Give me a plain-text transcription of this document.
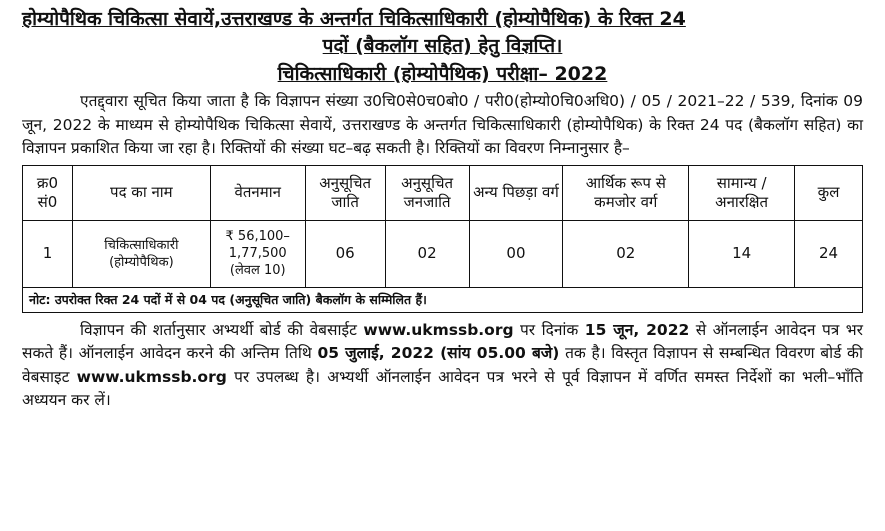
होम्योपैथिक चिकित्सा सेवायें,उत्तराखण्ड के अन्तर्गत चिकित्साधिकारी (होम्योपैथिक) के रिक्त 24

पदों (बैकलॉग सहित) हेतु विज्ञप्ति।

चिकित्साधिकारी (होम्योपैथिक) परीक्षा– 2022

एतद्द्वारा सूचित किया जाता है कि विज्ञापन संख्या उ0चि0से0च0बो0 / परी0(होम्यो0चि0अधि0) / 05 / 2021–22 / 539, दिनांक 09 जून, 2022 के माध्यम से होम्योपैथिक चिकित्सा सेवायें, उत्तराखण्ड के अन्तर्गत चिकित्साधिकारी (होम्योपैथिक) के रिक्त 24 पद (बैकलॉग सहित) का विज्ञापन प्रकाशित किया जा रहा है। रिक्तियों की संख्या घट–बढ़ सकती है। रिक्तियों का विवरण निम्नानुसार है–

क्र0 सं0	पद का नाम	वेतनमान	अनुसूचित जाति	अनुसूचित जनजाति	अन्य पिछड़ा वर्ग	आर्थिक रूप से कमजोर वर्ग	सामान्य / अनारक्षित	कुल
1	चिकित्साधिकारी (होम्योपैथिक)	₹ 56,100– 1,77,500 (लेवल 10)	06	02	00	02	14	24
नोट: उपरोक्त रिक्त 24 पदों में से 04 पद (अनुसूचित जाति) बैकलॉग के सम्मिलित हैं।								

विज्ञापन की शर्तानुसार अभ्यर्थी बोर्ड की वेबसाईट www.ukmssb.org पर दिनांक 15 जून, 2022 से ऑनलाईन आवेदन पत्र भर सकते हैं। ऑनलाईन आवेदन करने की अन्तिम तिथि 05 जुलाई, 2022 (सांय 05.00 बजे) तक है। विस्तृत विज्ञापन से सम्बन्धित विवरण बोर्ड की वेबसाइट www.ukmssb.org पर उपलब्ध है। अभ्यर्थी ऑनलाईन आवेदन पत्र भरने से पूर्व विज्ञापन में वर्णित समस्त निर्देशों का भली–भाँति अध्ययन कर लें।
